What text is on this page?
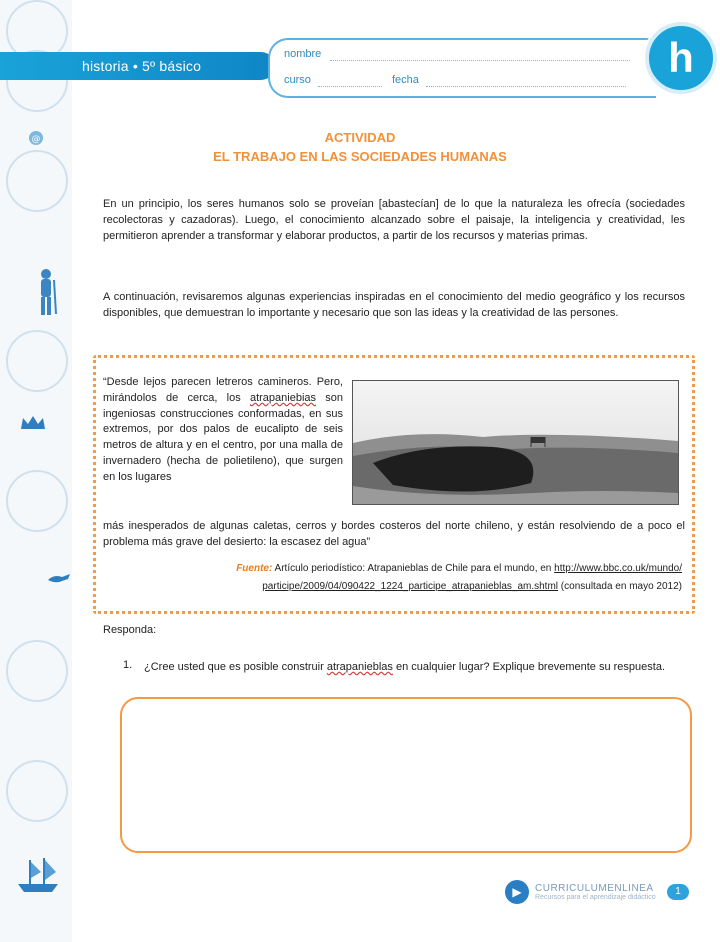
@
historia • 5º básico
nombre
curso	fecha	h
ACTIVIDAD
EL TRABAJO EN LAS SOCIEDADES HUMANAS
En un principio, los seres humanos solo se proveían [abastecían] de lo que la naturaleza les ofrecía (sociedades recolectoras y cazadoras). Luego, el conocimiento alcanzado sobre el paisaje, la inteligencia y creatividad, les permitieron aprender a transformar y elaborar productos, a partir de los recursos y materias primas.
A continuación, revisaremos algunas experiencias inspiradas en el conocimiento del medio geográfico y los recursos disponibles, que demuestran lo importante y necesario que son las ideas y la creatividad de las persones.
“Desde lejos parecen letreros camineros. Pero, mirándolos de cerca, los atrapaniebias son ingeniosas construcciones conformadas, en sus extremos, por dos palos de eucalipto de seis metros de altura y en el centro, por una malla de invernadero (hecha de polietileno), que surgen en los lugares
más inesperados de algunas caletas, cerros y bordes costeros del norte chileno, y están resolviendo de a poco el problema más grave del desierto: la escasez del agua”
Fuente: Artículo periodístico: Atrapanieblas de Chile para el mundo, en http://www.bbc.co.uk/mundo/
participe/2009/04/090422_1224_participe_atrapanieblas_am.shtml (consultada en mayo 2012)
Responda:
1. ¿Cree usted que es posible construir atrapanieblas en cualquier lugar? Explique brevemente su respuesta.
▶	CURRICULUMENLINEA
Recursos para el aprendizaje didáctico
1
